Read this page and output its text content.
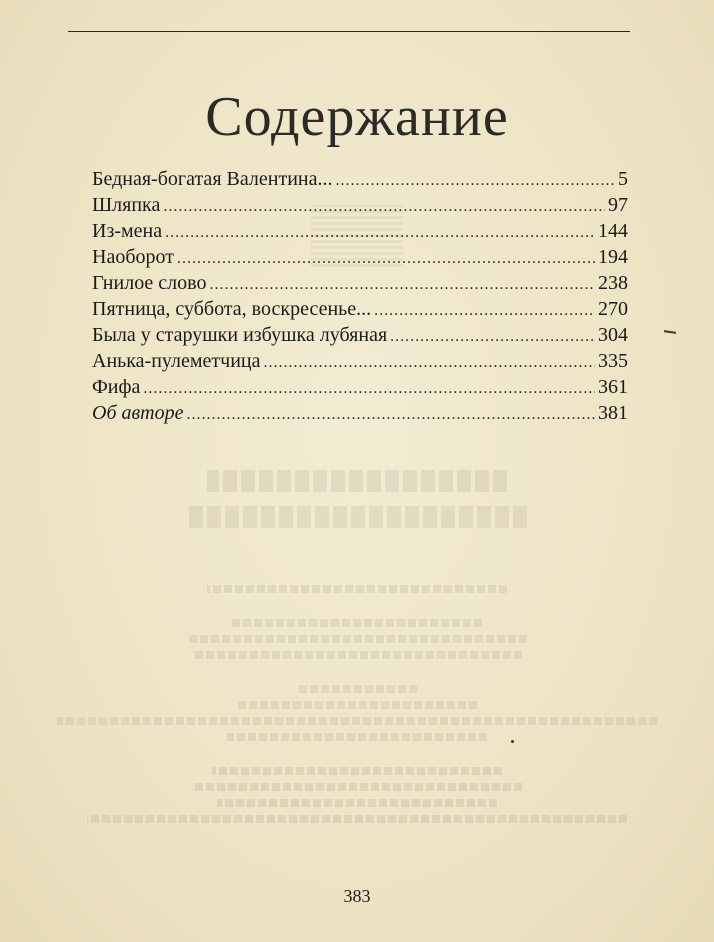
Содержание
Бедная-богатая Валентина... .....	5
Шляпка .....	97
Из-мена .....	144
Наоборот .....	194
Гнилое слово .....	238
Пятница, суббота, воскресенье... .....	270
Была у старушки избушка лубяная .....	304
Анька-пулеметчица .....	335
Фифа .....	361
Об авторе .....	381
383
